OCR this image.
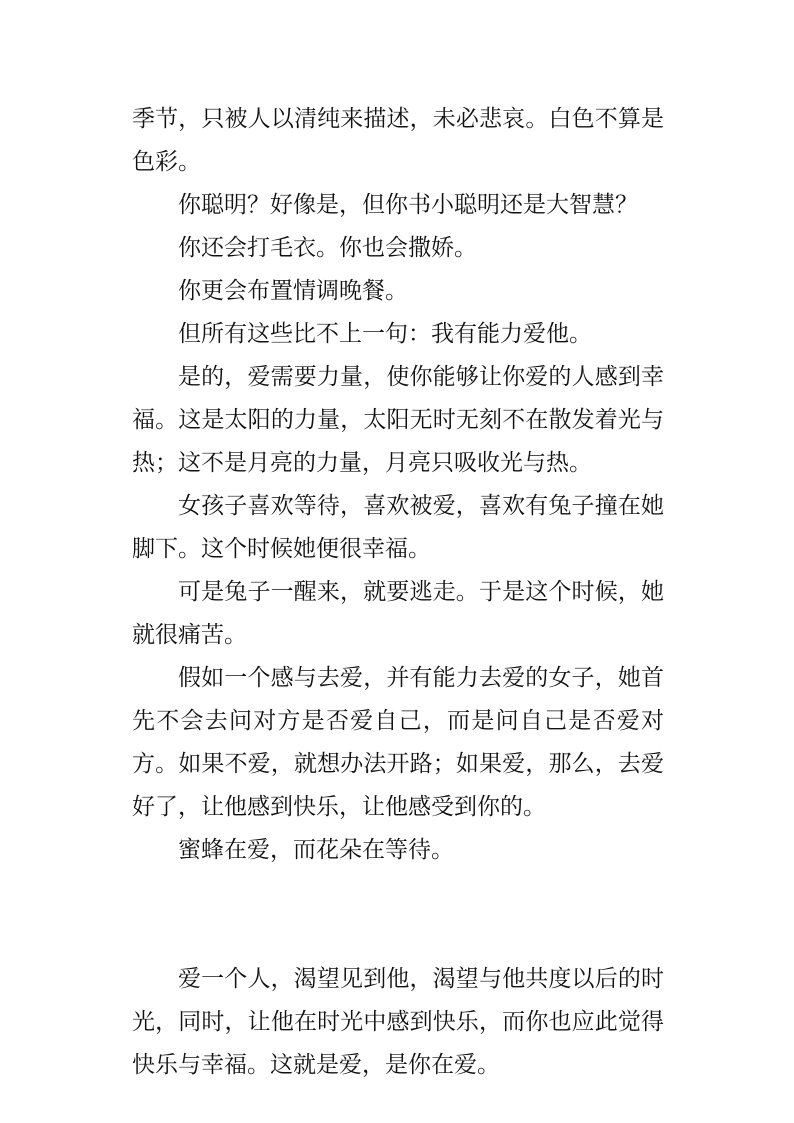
季节，只被人以清纯来描述，未必悲哀。白色不算是色彩。

你聪明？好像是，但你书小聪明还是大智慧？

你还会打毛衣。你也会撒娇。

你更会布置情调晚餐。

但所有这些比不上一句：我有能力爱他。

是的，爱需要力量，使你能够让你爱的人感到幸福。这是太阳的力量，太阳无时无刻不在散发着光与热；这不是月亮的力量，月亮只吸收光与热。

女孩子喜欢等待，喜欢被爱，喜欢有兔子撞在她脚下。这个时候她便很幸福。

可是兔子一醒来，就要逃走。于是这个时候，她就很痛苦。

假如一个感与去爱，并有能力去爱的女子，她首先不会去问对方是否爱自己，而是问自己是否爱对方。如果不爱，就想办法开路；如果爱，那么，去爱好了，让他感到快乐，让他感受到你的。

蜜蜂在爱，而花朵在等待。

爱一个人，渴望见到他，渴望与他共度以后的时光，同时，让他在时光中感到快乐，而你也应此觉得快乐与幸福。这就是爱，是你在爱。
